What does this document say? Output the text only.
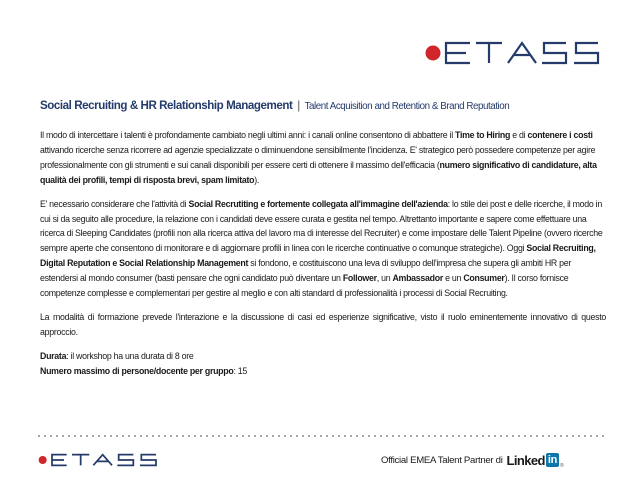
Social Recruiting & HR Relationship Management | Talent Acquisition and Retention & Brand Reputation

Il modo di intercettare i talenti è profondamente cambiato negli ultimi anni: i canali online consentono di abbattere il Time to Hiring e di contenere i costi attivando ricerche senza ricorrere ad agenzie specializzate o diminuendone sensibilmente l'incidenza. E' strategico però possedere competenze per agire professionalmente con gli strumenti e sui canali disponibili per essere certi di ottenere il massimo dell'efficacia (numero significativo di candidature, alta qualità dei profili, tempi di risposta brevi, spam limitato).

E' necessario considerare che l'attività di Social Recrutiting e fortemente collegata all'immagine dell'azienda: lo stile dei post e delle ricerche, il modo in cui si da seguito alle procedure, la relazione con i candidati deve essere curata e gestita nel tempo. Altrettanto importante e sapere come effettuare una ricerca di Sleeping Candidates (profili non alla ricerca attiva del lavoro ma di interesse del Recruiter) e come impostare delle Talent Pipeline (ovvero ricerche sempre aperte che consentono di monitorare e di aggiornare profili in linea con le ricerche continuative o comunque strategiche). Oggi Social Recruiting, Digital Reputation e Social Relationship Management si fondono, e costituiscono una leva di sviluppo dell'impresa che supera gli ambiti HR per estendersi al mondo consumer (basti pensare che ogni candidato può diventare un Follower, un Ambassador e un Consumer). Il corso fornisce competenze complesse e complementari per gestire al meglio e con alti standard di professionalità i processi di Social Recruiting.

La modalità di formazione prevede l'interazione e la discussione di casi ed esperienze significative, visto il ruolo eminentemente innovativo di questo approccio.

Durata: il workshop ha una durata di 8 ore
Numero massimo di persone/docente per gruppo: 15
Official EMEA Talent Partner di Linked in ®
